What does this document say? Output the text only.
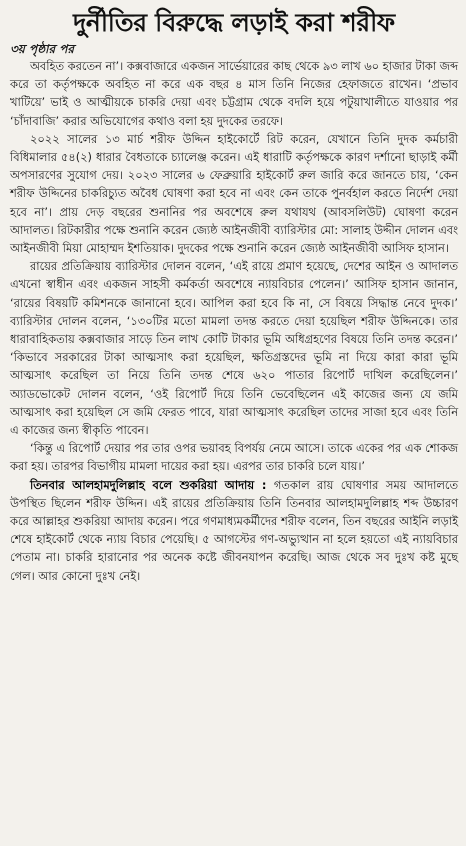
দুর্নীতির বিরুদ্ধে লড়াই করা শরীফ

৩য় পৃষ্ঠার পর

অবহিত করতেন না’। কক্সবাজারে একজন সার্ভেয়ারের কাছ থেকে ৯৩ লাখ ৬০ হাজার টাকা জব্দ করে তা কর্তৃপক্ষকে অবহিত না করে এক বছর ৪ মাস তিনি নিজের হেফাজতে রাখেন। ‘প্রভাব খাটিয়ে’ ভাই ও আত্মীয়কে চাকরি দেয়া এবং চট্টগ্রাম থেকে বদলি হয়ে পটুয়াখালীতে যাওয়ার পর ‘চাঁদাবাজি’ করার অভিযোগের কথাও বলা হয় দুদকের তরফে।

২০২২ সালের ১৩ মার্চ শরীফ উদ্দিন হাইকোর্টে রিট করেন, যেখানে তিনি দুদক কর্মচারী বিধিমালার ৫৪(২) ধারার বৈধতাকে চ্যালেঞ্জ করেন। এই ধারাটি কর্তৃপক্ষকে কারণ দর্শানো ছাড়াই কর্মী অপসারণের সুযোগ দেয়। ২০২৩ সালের ৬ ফেব্রুয়ারি হাইকোর্ট রুল জারি করে জানতে চায়, ‘কেন শরীফ উদ্দিনের চাকরিচ্যুত অবৈধ ঘোষণা করা হবে না এবং কেন তাকে পুনর্বহাল করতে নির্দেশ দেয়া হবে না’। প্রায় দেড় বছরের শুনানির পর অবশেষে রুল যথাযথ (আবসলিউট) ঘোষণা করেন আদালত। রিটকারীর পক্ষে শুনানি করেন জ্যেষ্ঠ আইনজীবী ব্যারিস্টার মো: সালাহ উদ্দীন দোলন এবং আইনজীবী মিয়া মোহাম্মদ ইশতিয়াক। দুদকের পক্ষে শুনানি করেন জ্যেষ্ঠ আইনজীবী আসিফ হাসান।

রায়ের প্রতিক্রিয়ায় ব্যারিস্টার দোলন বলেন, ‘এই রায়ে প্রমাণ হয়েছে, দেশের আইন ও আদালত এখনো স্বাধীন এবং একজন সাহসী কর্মকর্তা অবশেষে ন্যায়বিচার পেলেন।’ আসিফ হাসান জানান, ‘রায়ের বিষয়টি কমিশনকে জানানো হবে। আপিল করা হবে কি না, সে বিষয়ে সিদ্ধান্ত নেবে দুদক।’ ব্যারিস্টার দোলন বলেন, ‘১৩০টির মতো মামলা তদন্ত করতে দেয়া হয়েছিল শরীফ উদ্দিনকে। তার ধারাবাহিকতায় কক্সবাজার সাড়ে তিন লাখ কোটি টাকার ভূমি অধিগ্রহণের বিষয়ে তিনি তদন্ত করেন।’ ‘কিভাবে সরকারের টাকা আত্মসাৎ করা হয়েছিল, ক্ষতিগ্রস্তদের ভূমি না দিয়ে কারা কারা ভূমি আত্মসাৎ করেছিল তা নিয়ে তিনি তদন্ত শেষে ৬২০ পাতার রিপোর্ট দাখিল করেছিলেন।’ অ্যাডভোকেট দোলন বলেন, ‘ওই রিপোর্ট দিয়ে তিনি ভেবেছিলেন এই কাজের জন্য যে জমি আত্মসাৎ করা হয়েছিল সে জমি ফেরত পাবে, যারা আত্মসাৎ করেছিল তাদের সাজা হবে এবং তিনি এ কাজের জন্য স্বীকৃতি পাবেন।

‘কিন্তু এ রিপোর্ট দেয়ার পর তার ওপর ভয়াবহ বিপর্যয় নেমে আসে। তাকে একের পর এক শোকজ করা হয়। তারপর বিভাগীয় মামলা দায়ের করা হয়। এরপর তার চাকরি চলে যায়।’

তিনবার আলহামদুলিল্লাহ বলে শুকরিয়া আদায় : গতকাল রায় ঘোষণার সময় আদালতে উপস্থিত ছিলেন শরীফ উদ্দিন। এই রায়ের প্রতিক্রিয়ায় তিনি তিনবার আলহামদুলিল্লাহ শব্দ উচ্চারণ করে আল্লাহর শুকরিয়া আদায় করেন। পরে গণমাধ্যমকর্মীদের শরীফ বলেন, তিন বছরের আইনি লড়াই শেষে হাইকোর্ট থেকে ন্যায় বিচার পেয়েছি। ৫ আগস্টের গণ-অভ্যুত্থান না হলে হয়তো এই ন্যায়বিচার পেতাম না। চাকরি হারানোর পর অনেক কষ্টে জীবনযাপন করেছি। আজ থেকে সব দুঃখ কষ্ট মুছে গেল। আর কোনো দুঃখ নেই।
